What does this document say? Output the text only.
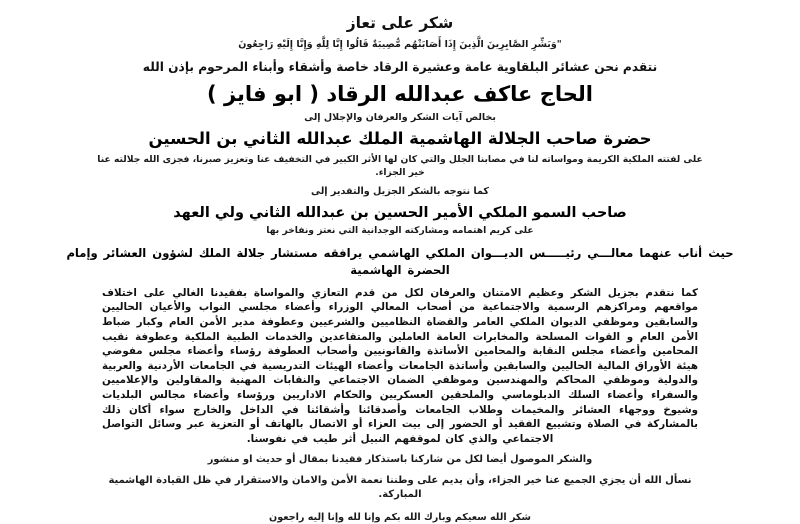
شكر على تعاز
"وَبَشِّرِ الصَّابِرِينَ الَّذِينَ إِذَا أَصَابَتْهُم مُّصِيبَةٌ قَالُوا إِنَّا لِلَّهِ وَإِنَّا إِلَيْهِ رَاجِعُونَ
نتقدم نحن عشائر البلقاوية عامة وعشيرة الرقاد خاصة وأشقاء وأبناء المرحوم بإذن الله
الحاج عاكف عبدالله الرقاد ( ابو فايز )
بخالص آيات الشكر والعرفان والإجلال إلى
حضرة صاحب الجلالة الهاشمية الملك عبدالله الثاني بن الحسين
على لفتته الملكية الكريمة ومواساته لنا في مصابنا الجلل والتي كان لها الأثر الكبير في التخفيف عنا وتعزيز صبرنا، فجزى الله جلالته عنا خير الجزاء.
كما نتوجه بالشكر الجزيل والتقدير إلى
صاحب السمو الملكي الأمير الحسين بن عبدالله الثاني ولي العهد
على كريم اهتمامه ومشاركته الوجدانية التي نعتز ونفاخر بها
حيث أناب عنهما معالـــي رئيـــــس الديـــوان الملكي الهاشمي يرافقه مستشار جلالة الملك لشؤون العشائر وإمام الحضرة الهاشمية
كما نتقدم بجزيل الشكر وعظيم الامتنان والعرفان لكل من قدم التعازي والمواساة بفقيدنا الغالي على اختلاف مواقعهم ومراكزهم الرسمية والاجتماعية من أصحاب المعالي الوزراء وأعضاء مجلسي النواب والأعيان الحاليين والسابقين وموظفي الديوان الملكي العامر والقضاة النظاميين والشرعيين وعطوفة مدير الأمن العام وكبار ضباط الأمن العام و القوات المسلحة والمخابرات العامة العاملين والمتقاعدين والخدمات الطبية الملكية وعطوفة نقيب المحامين وأعضاء مجلس النقابة والمحامين الأساتذة والقانونيين وأصحاب العطوفة رؤساء وأعضاء مجلس مفوضي هيئة الأوراق المالية الحاليين والسابقين وأساتذة الجامعات وأعضاء الهيئات التدريسية في الجامعات الأردنية والعربية والدولية وموظفي المحاكم والمهندسين وموظفي الضمان الاجتماعي والنقابات المهنية والمقاولين والإعلاميين والسفراء وأعضاء السلك الدبلوماسي والملحقين العسكريين والحكام الاداريين ورؤساء وأعضاء مجالس البلديات وشيوخ ووجهاء العشائر والمخيمات وطلاب الجامعات وأصدقائنا وأشقائنا في الداخل والخارج سواء أكان ذلك بالمشاركة في الصلاة وتشييع الفقيد أو الحضور إلى بيت العزاء أو الاتصال بالهاتف أو التعزية عبر وسائل التواصل الاجتماعي والذي كان لموقفهم النبيل أثر طيب في نفوسنا.
والشكر الموصول أيضا لكل من شاركنا باستذكار فقيدنا بمقال أو حديث او منشور
نسأل الله أن يجزي الجميع عنا خير الجزاء، وأن يديم على وطننا نعمة الأمن والامان والاستقرار في ظل القيادة الهاشمية المباركة.
شكر الله سعيكم وبارك الله بكم وإنا لله وإنا إليه راجعون
